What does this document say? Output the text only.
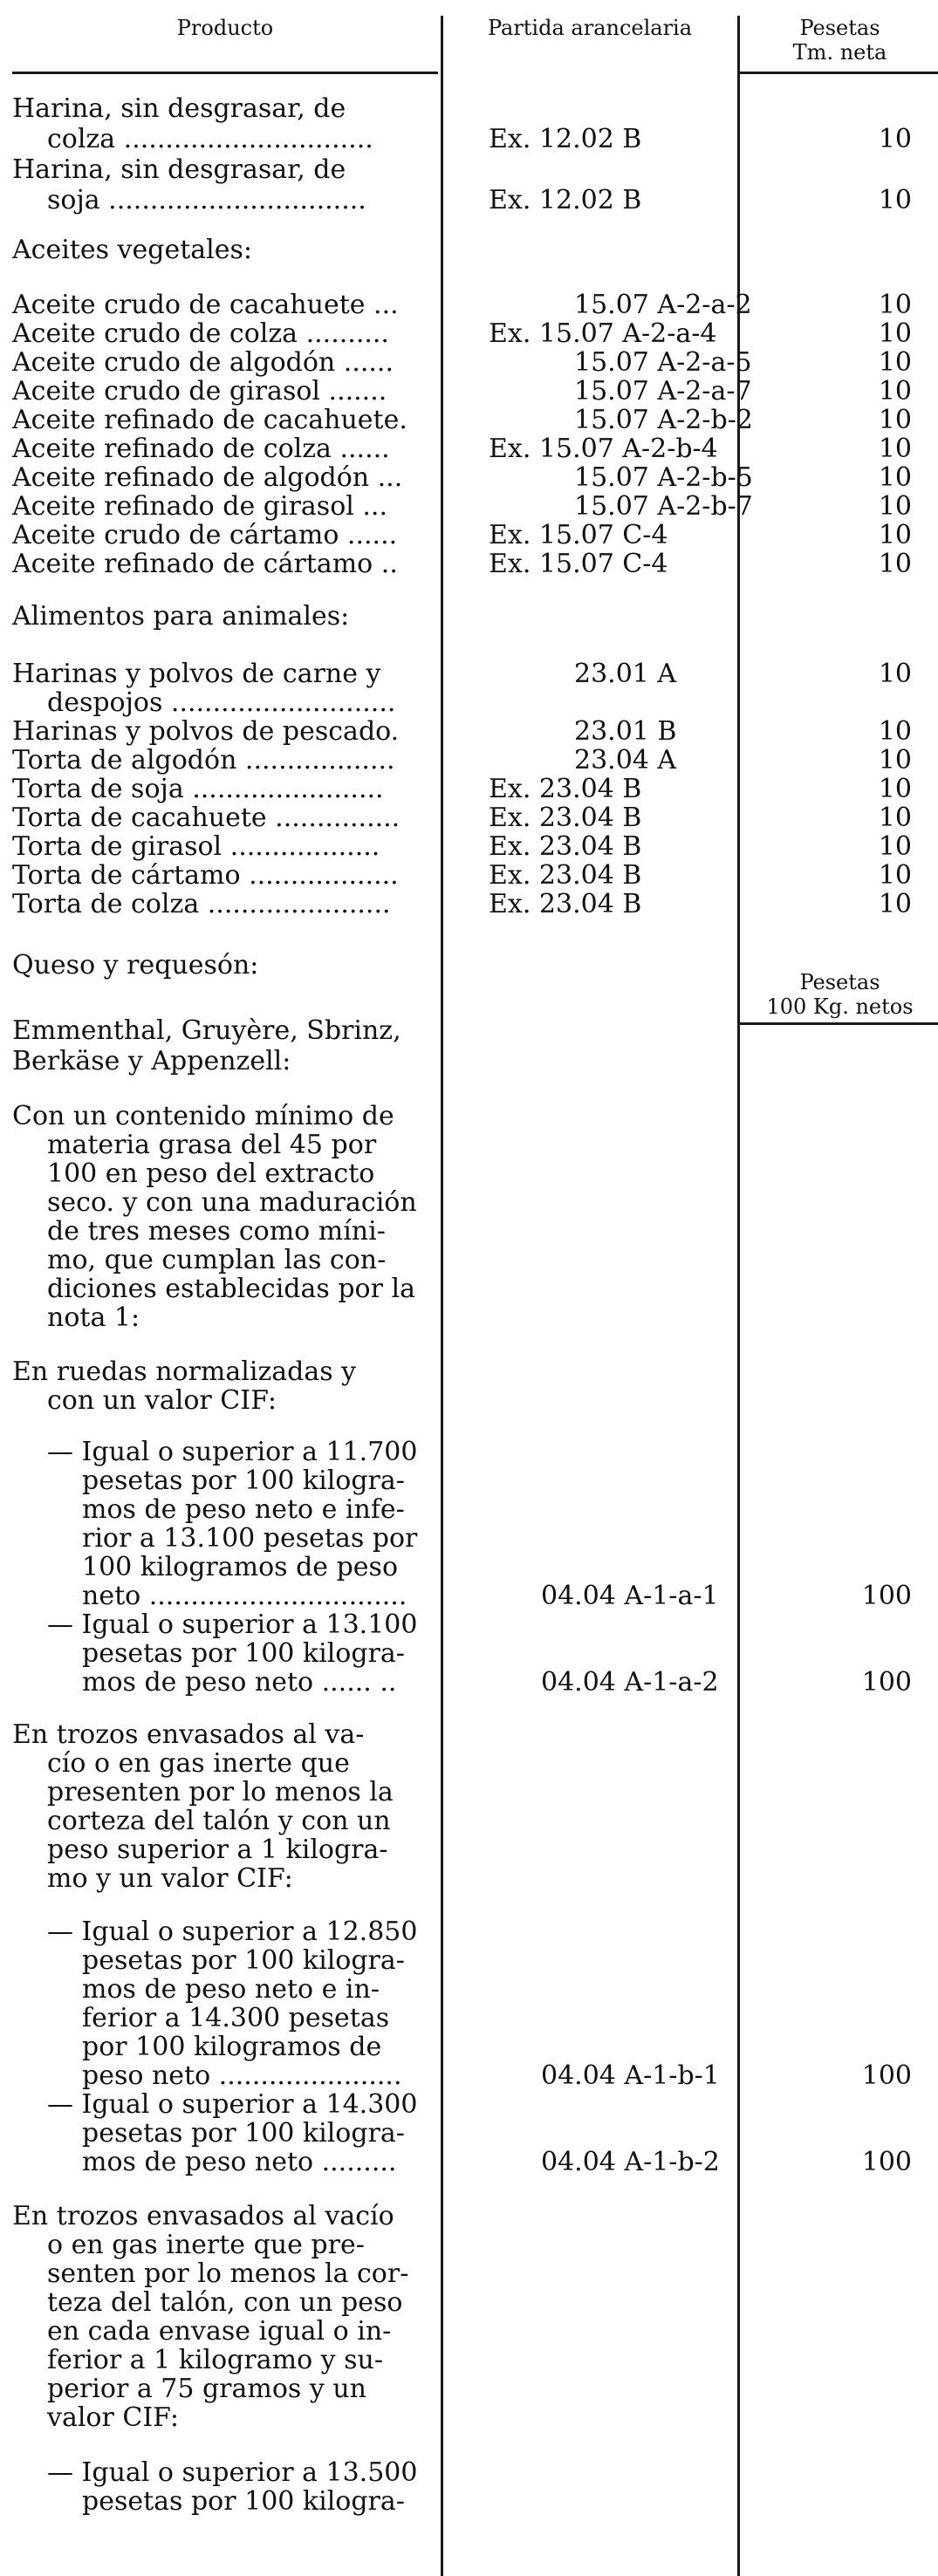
Producto	Partida arancelaria	Pesetas
Tm. neta
Pesetas
100 Kg. netos
Harina, sin desgrasar, de
colza ..............................	Ex. 12.02 B	10
Harina, sin desgrasar, de
soja ...............................	Ex. 12.02 B	10
Aceites vegetales:
Aceite crudo de cacahuete ...	15.07 A-2-a-2	10
Aceite crudo de colza ..........	Ex. 15.07 A-2-a-4	10
Aceite crudo de algodón ......	15.07 A-2-a-5	10
Aceite crudo de girasol .......	15.07 A-2-a-7	10
Aceite refinado de cacahuete.	15.07 A-2-b-2	10
Aceite refinado de colza ......	Ex. 15.07 A-2-b-4	10
Aceite refinado de algodón ...	15.07 A-2-b-5	10
Aceite refinado de girasol ...	15.07 A-2-b-7	10
Aceite crudo de cártamo ......	Ex. 15.07 C-4	10
Aceite refinado de cártamo ..	Ex. 15.07 C-4	10
Alimentos para animales:
Harinas y polvos de carne y	23.01 A	10
despojos ...........................
Harinas y polvos de pescado.	23.01 B	10
Torta de algodón ..................	23.04 A	10
Torta de soja .......................	Ex. 23.04 B	10
Torta de cacahuete ...............	Ex. 23.04 B	10
Torta de girasol ..................	Ex. 23.04 B	10
Torta de cártamo ..................	Ex. 23.04 B	10
Torta de colza ......................	Ex. 23.04 B	10
Queso y requesón:
Emmenthal, Gruyère, Sbrinz,
Berkäse y Appenzell:
Con un contenido mínimo de
materia grasa del 45 por
100 en peso del extracto
seco. y con una maduración
de tres meses como míni-
mo, que cumplan las con-
diciones establecidas por la
nota 1:
En ruedas normalizadas y
con un valor CIF:
— Igual o superior a 11.700
pesetas por 100 kilogra-
mos de peso neto e infe-
rior a 13.100 pesetas por
100 kilogramos de peso
neto ...............................	04.04 A-1-a-1	100
— Igual o superior a 13.100
pesetas por 100 kilogra-
mos de peso neto ...... ..	04.04 A-1-a-2	100
En trozos envasados al va-
cío o en gas inerte que
presenten por lo menos la
corteza del talón y con un
peso superior a 1 kilogra-
mo y un valor CIF:
— Igual o superior a 12.850
pesetas por 100 kilogra-
mos de peso neto e in-
ferior a 14.300 pesetas
por 100 kilogramos de
peso neto ......................	04.04 A-1-b-1	100
— Igual o superior a 14.300
pesetas por 100 kilogra-
mos de peso neto .........	04.04 A-1-b-2	100
En trozos envasados al vacío
o en gas inerte que pre-
senten por lo menos la cor-
teza del talón, con un peso
en cada envase igual o in-
ferior a 1 kilogramo y su-
perior a 75 gramos y un
valor CIF:
— Igual o superior a 13.500
pesetas por 100 kilogra-
